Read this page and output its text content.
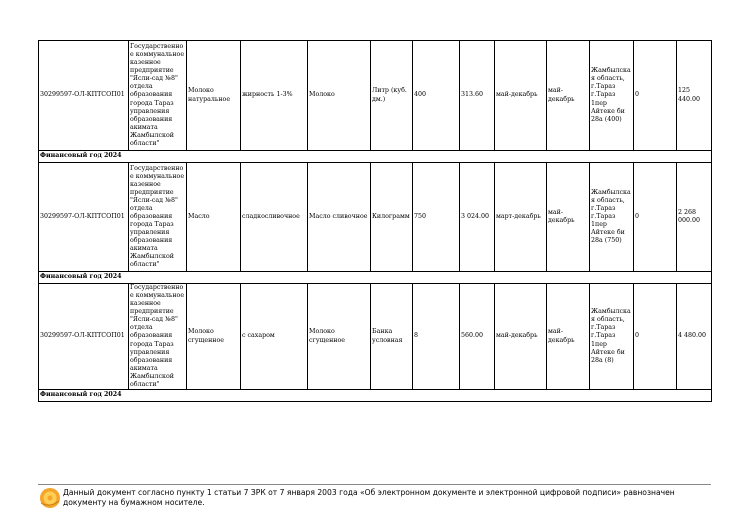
30299597-ОЛ-КПТСОП01	Государственное коммунальное казенное предприятие "Ясли-сад №8" отдела образования города Тараз управления образования акимата Жамбылской области"	Молоко натуральное	жирность 1-3%	Молоко	Литр (куб. дм.)	400	313.60	май-декабрь	май-декабрь	Жамбылская область, г.Тараз г.Тараз 1пер Айтеке би 28а (400)	0	125 440.00
Финансовый год 2024												
30299597-ОЛ-КПТСОП01	Государственное коммунальное казенное предприятие "Ясли-сад №8" отдела образования города Тараз управления образования акимата Жамбылской области"	Масло	сладкосливочное	Масло сливочное	Килограмм	750	3 024.00	март-декабрь	май-декабрь	Жамбылская область, г.Тараз г.Тараз 1пер Айтеке би 28а (750)	0	2 268 000.00
Финансовый год 2024												
30299597-ОЛ-КПТСОП01	Государственное коммунальное казенное предприятие "Ясли-сад №8" отдела образования города Тараз управления образования акимата Жамбылской области"	Молоко сгущенное	с сахаром	Молоко сгущенное	Банка условная	8	560.00	май-декабрь	май-декабрь	Жамбылская область, г.Тараз г.Тараз 1пер Айтеке би 28а (8)	0	4 480.00
Финансовый год 2024												
Данный документ согласно пункту 1 статьи 7 ЗРК от 7 января 2003 года «Об электронном документе и электронной цифровой подписи» равнозначен документу на бумажном носителе.
